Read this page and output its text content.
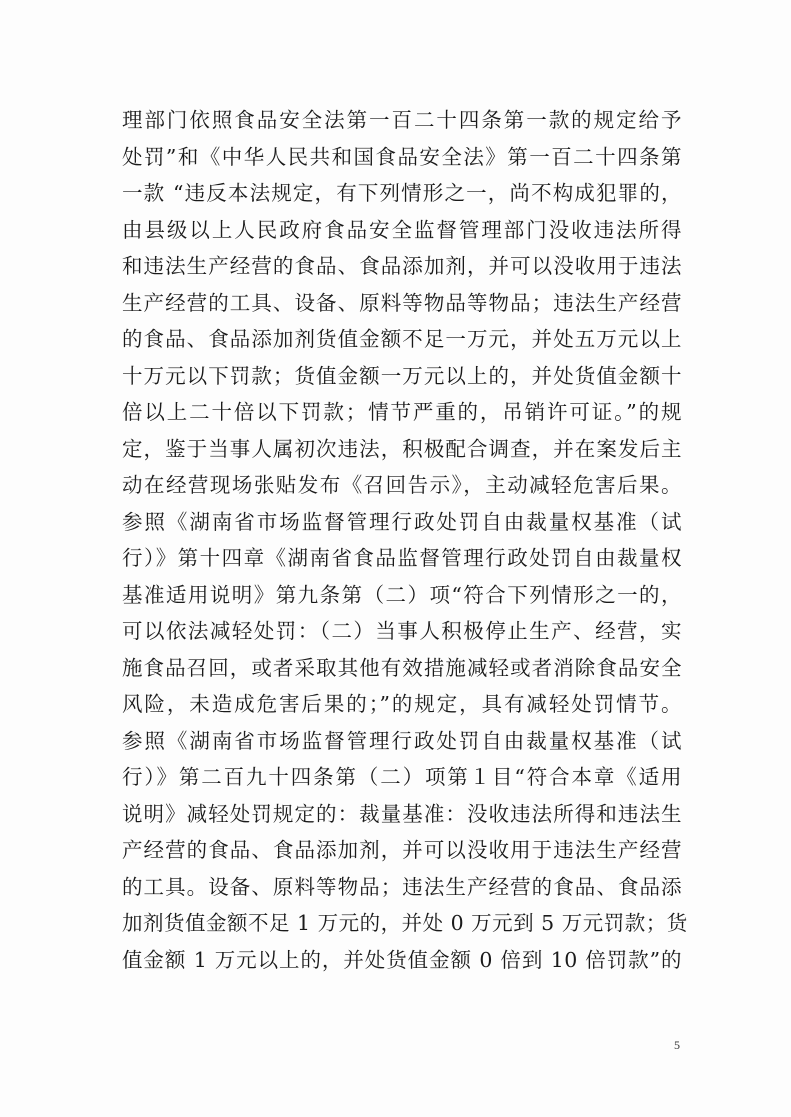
理部门依照食品安全法第一百二十四条第一款的规定给予
处罚”和《中华人民共和国食品安全法》第一百二十四条第
一款 “违反本法规定，有下列情形之一，尚不构成犯罪的，
由县级以上人民政府食品安全监督管理部门没收违法所得
和违法生产经营的食品、食品添加剂，并可以没收用于违法
生产经营的工具、设备、原料等物品等物品；违法生产经营
的食品、食品添加剂货值金额不足一万元，并处五万元以上
十万元以下罚款；货值金额一万元以上的，并处货值金额十
倍以上二十倍以下罚款；情节严重的，吊销许可证。”的规
定，鉴于当事人属初次违法，积极配合调查，并在案发后主
动在经营现场张贴发布《召回告示》，主动减轻危害后果。
参照《湖南省市场监督管理行政处罚自由裁量权基准（试
行）》第十四章《湖南省食品监督管理行政处罚自由裁量权
基准适用说明》第九条第（二）项“符合下列情形之一的，
可以依法减轻处罚：（二）当事人积极停止生产、经营，实
施食品召回，或者采取其他有效措施减轻或者消除食品安全
风险，未造成危害后果的；”的规定，具有减轻处罚情节。
参照《湖南省市场监督管理行政处罚自由裁量权基准（试
行）》第二百九十四条第（二）项第１目“符合本章《适用
说明》减轻处罚规定的：裁量基准：没收违法所得和违法生
产经营的食品、食品添加剂，并可以没收用于违法生产经营
的工具。设备、原料等物品；违法生产经营的食品、食品添
加剂货值金额不足 1 万元的，并处 0 万元到 5 万元罚款；货
值金额 1 万元以上的，并处货值金额 0 倍到 10 倍罚款”的
5
